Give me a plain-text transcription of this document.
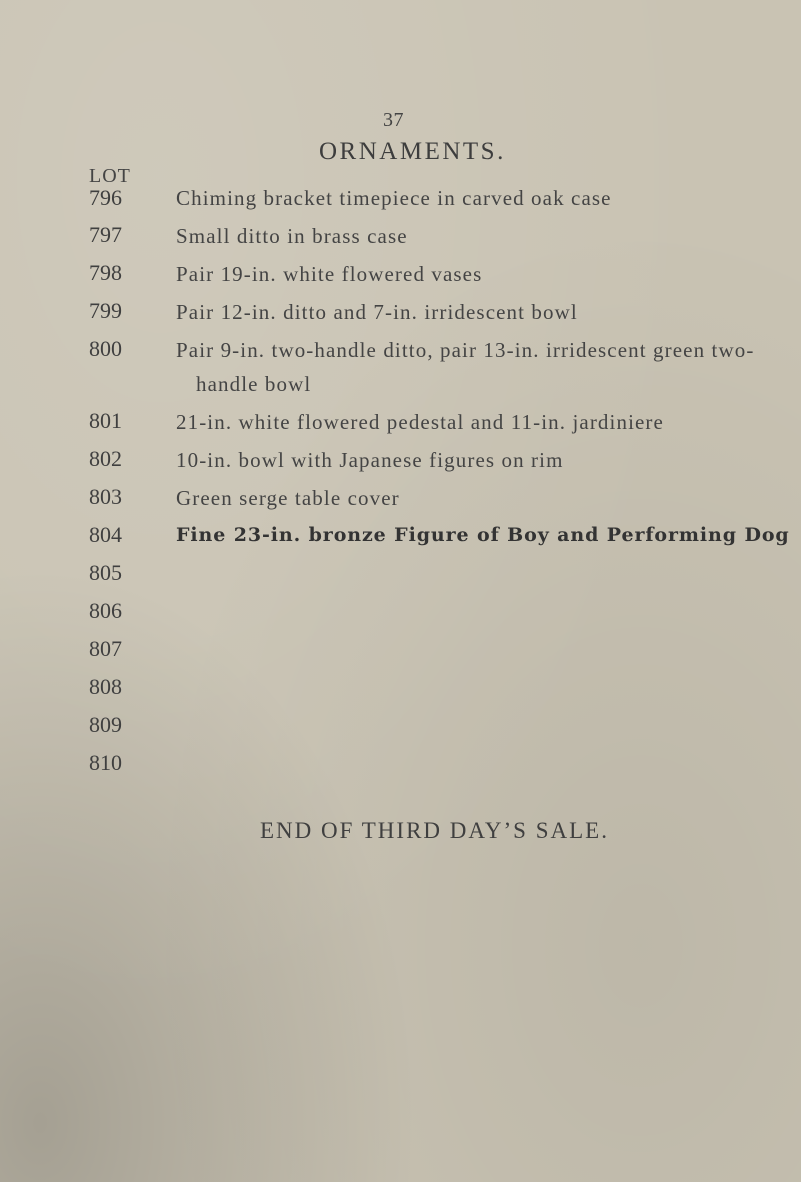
37
ORNAMENTS.
LOT
796
797
798
799
800
801
802
803
804
805
806
807
808
809
810
Chiming bracket timepiece in carved oak case
Small ditto in brass case
Pair 19-in. white flowered vases
Pair 12-in. ditto and 7-in. irridescent bowl
Pair 9-in. two-handle ditto, pair 13-in. irridescent green two-
handle bowl
21-in. white flowered pedestal and 11-in. jardiniere
10-in. bowl with Japanese figures on rim
Green serge table cover
Fine 23-in. bronze Figure of Boy and Performing Dog
END OF THIRD DAY’S SALE.
